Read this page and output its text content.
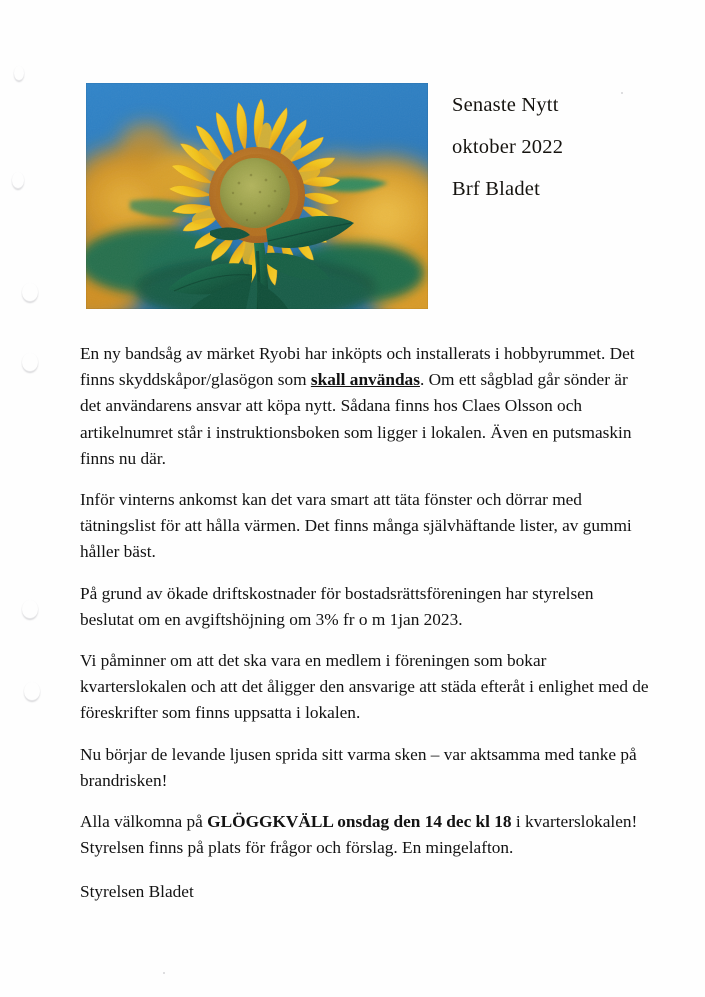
Senaste Nytt
oktober 2022
Brf Bladet

En ny bandsåg av märket Ryobi har inköpts och installerats i hobbyrummet. Det finns skyddskåpor/glasögon som skall användas. Om ett sågblad går sönder är det användarens ansvar att köpa nytt. Sådana finns hos Claes Olsson och artikelnumret står i instruktionsboken som ligger i lokalen. Även en putsmaskin finns nu där.

Inför vinterns ankomst kan det vara smart att täta fönster och dörrar med tätningslist för att hålla värmen. Det finns många självhäftande lister, av gummi håller bäst.

På grund av ökade driftskostnader för bostadsrättsföreningen har styrelsen beslutat om en avgiftshöjning om 3% fr o m 1jan 2023.

Vi påminner om att det ska vara en medlem i föreningen som bokar kvarterslokalen och att det åligger den ansvarige att städa efteråt i enlighet med de föreskrifter som finns uppsatta i lokalen.

Nu börjar de levande ljusen sprida sitt varma sken – var aktsamma med tanke på brandrisken!

Alla välkomna på GLÖGGKVÄLL onsdag den 14 dec kl 18 i kvarterslokalen! Styrelsen finns på plats för frågor och förslag. En mingelafton.

Styrelsen Bladet
